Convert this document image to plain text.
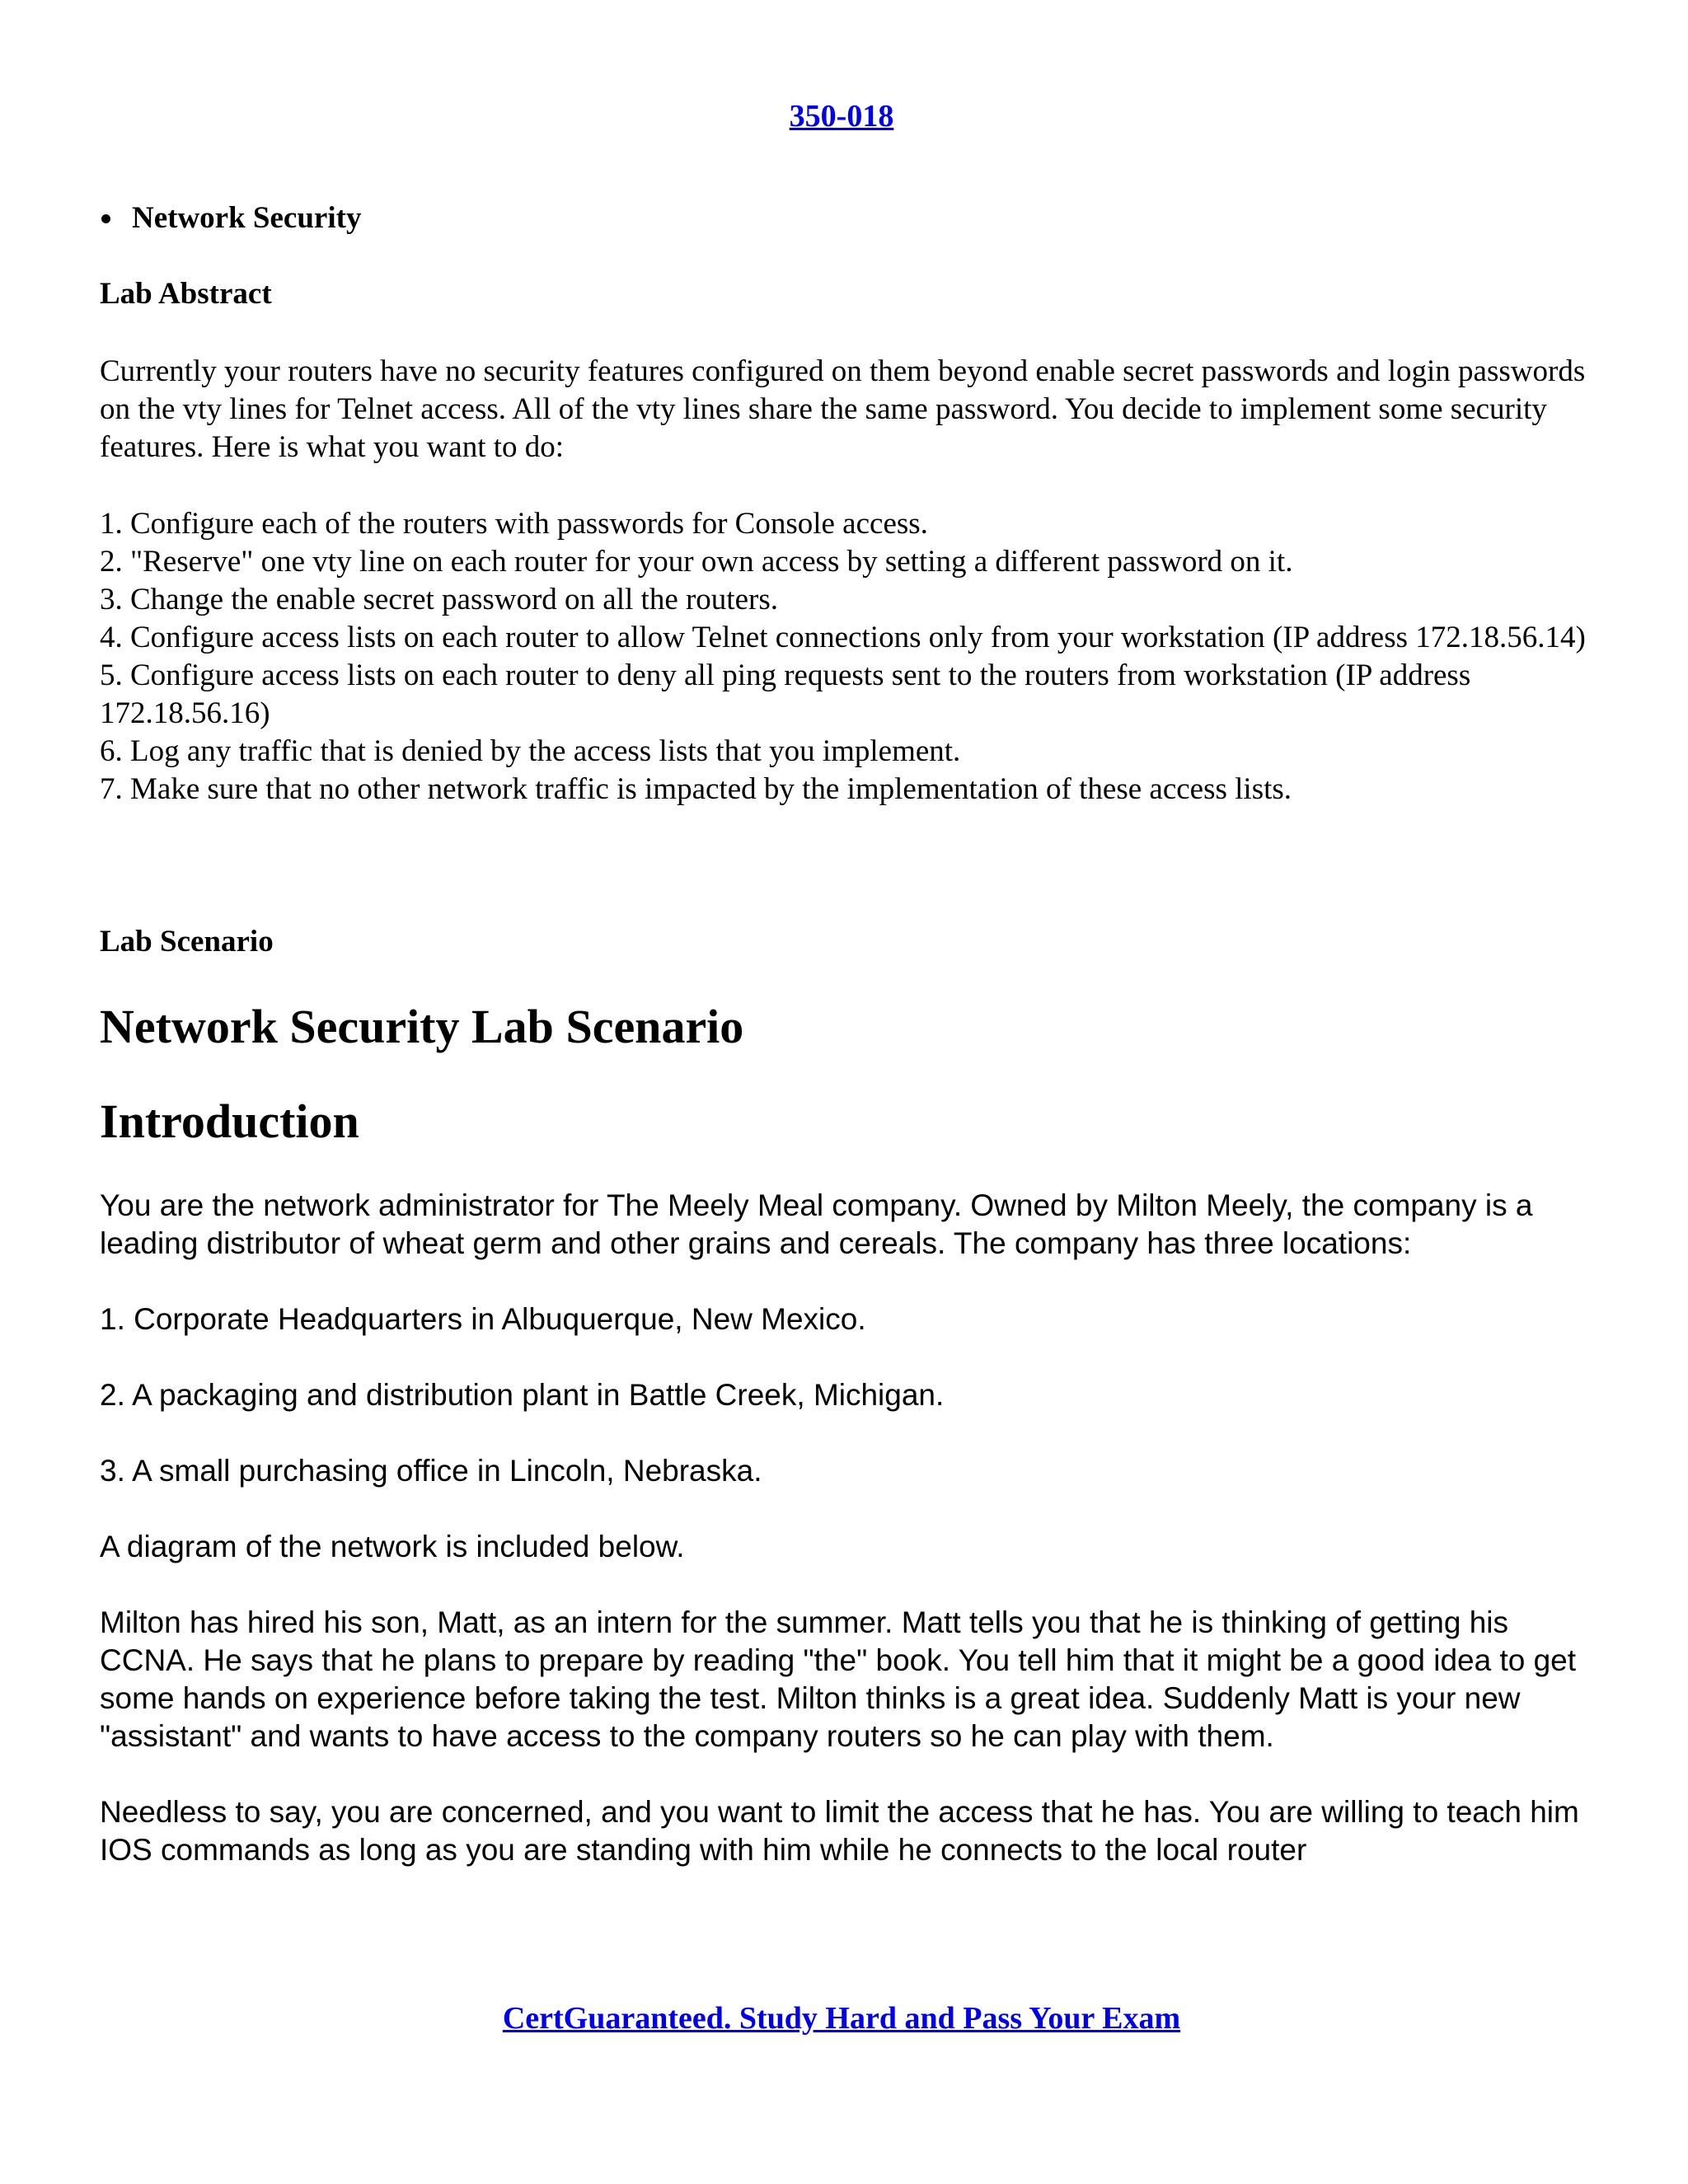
350-018
Network Security
Lab Abstract

Currently your routers have no security features configured on them beyond enable secret passwords and login passwords on the vty lines for Telnet access. All of the vty lines share the same password. You decide to implement some security features. Here is what you want to do:

1. Configure each of the routers with passwords for Console access.
2. "Reserve" one vty line on each router for your own access by setting a different password on it.
3. Change the enable secret password on all the routers.
4. Configure access lists on each router to allow Telnet connections only from your workstation (IP address 172.18.56.14)
5. Configure access lists on each router to deny all ping requests sent to the routers from workstation (IP address 172.18.56.16)
6. Log any traffic that is denied by the access lists that you implement.
7. Make sure that no other network traffic is impacted by the implementation of these access lists.
Lab Scenario
Network Security Lab Scenario
Introduction

You are the network administrator for The Meely Meal company. Owned by Milton Meely, the company is a leading distributor of wheat germ and other grains and cereals. The company has three locations:

1. Corporate Headquarters in Albuquerque, New Mexico.

2. A packaging and distribution plant in Battle Creek, Michigan.

3. A small purchasing office in Lincoln, Nebraska.

A diagram of the network is included below.

Milton has hired his son, Matt, as an intern for the summer. Matt tells you that he is thinking of getting his CCNA. He says that he plans to prepare by reading "the" book. You tell him that it might be a good idea to get some hands on experience before taking the test. Milton thinks is a great idea. Suddenly Matt is your new "assistant" and wants to have access to the company routers so he can play with them.

Needless to say, you are concerned, and you want to limit the access that he has. You are willing to teach him IOS commands as long as you are standing with him while he connects to the local router

CertGuaranteed. Study Hard and Pass Your Exam
